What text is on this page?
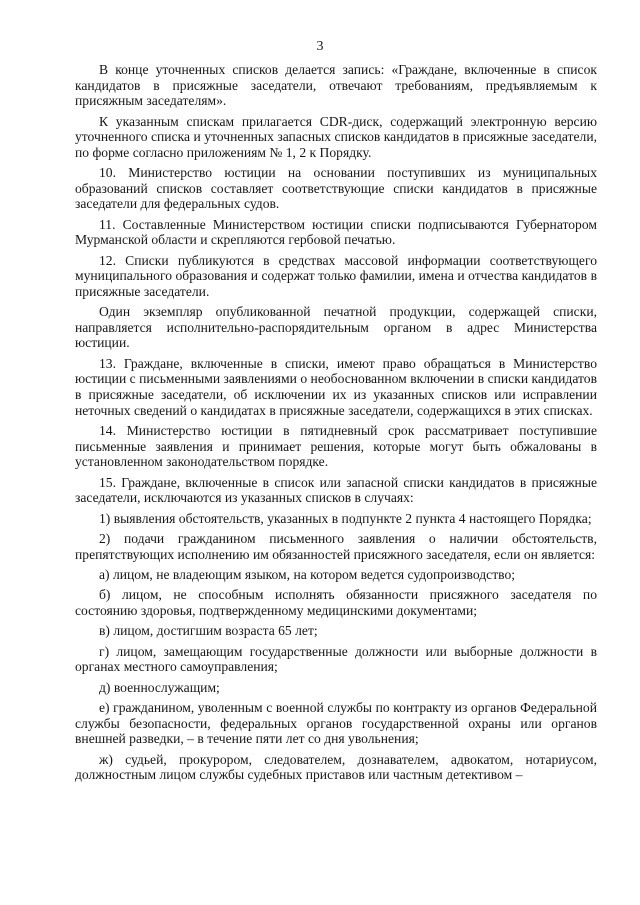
3

В конце уточненных списков делается запись: «Граждане, включенные в список кандидатов в присяжные заседатели, отвечают требованиям, предъявляемым к присяжным заседателям».

К указанным спискам прилагается CDR-диск, содержащий электронную версию уточненного списка и уточненных запасных списков кандидатов в присяжные заседатели, по форме согласно приложениям № 1, 2 к Порядку.

10. Министерство юстиции на основании поступивших из муниципальных образований списков составляет соответствующие списки кандидатов в присяжные заседатели для федеральных судов.

11. Составленные Министерством юстиции списки подписываются Губернатором Мурманской области и скрепляются гербовой печатью.

12. Списки публикуются в средствах массовой информации соответствующего муниципального образования и содержат только фамилии, имена и отчества кандидатов в присяжные заседатели.

Один экземпляр опубликованной печатной продукции, содержащей списки, направляется исполнительно-распорядительным органом в адрес Министерства юстиции.

13. Граждане, включенные в списки, имеют право обращаться в Министерство юстиции с письменными заявлениями о необоснованном включении в списки кандидатов в присяжные заседатели, об исключении их из указанных списков или исправлении неточных сведений о кандидатах в присяжные заседатели, содержащихся в этих списках.

14. Министерство юстиции в пятидневный срок рассматривает поступившие письменные заявления и принимает решения, которые могут быть обжалованы в установленном законодательством порядке.

15. Граждане, включенные в список или запасной списки кандидатов в присяжные заседатели, исключаются из указанных списков в случаях:

1) выявления обстоятельств, указанных в подпункте 2 пункта 4 настоящего Порядка;

2) подачи гражданином письменного заявления о наличии обстоятельств, препятствующих исполнению им обязанностей присяжного заседателя, если он является:

а) лицом, не владеющим языком, на котором ведется судопроизводство;

б) лицом, не способным исполнять обязанности присяжного заседателя по состоянию здоровья, подтвержденному медицинскими документами;

в) лицом, достигшим возраста 65 лет;

г) лицом, замещающим государственные должности или выборные должности в органах местного самоуправления;

д) военнослужащим;

е) гражданином, уволенным с военной службы по контракту из органов Федеральной службы безопасности, федеральных органов государственной охраны или органов внешней разведки, – в течение пяти лет со дня увольнения;

ж) судьей, прокурором, следователем, дознавателем, адвокатом, нотариусом, должностным лицом службы судебных приставов или частным детективом –
